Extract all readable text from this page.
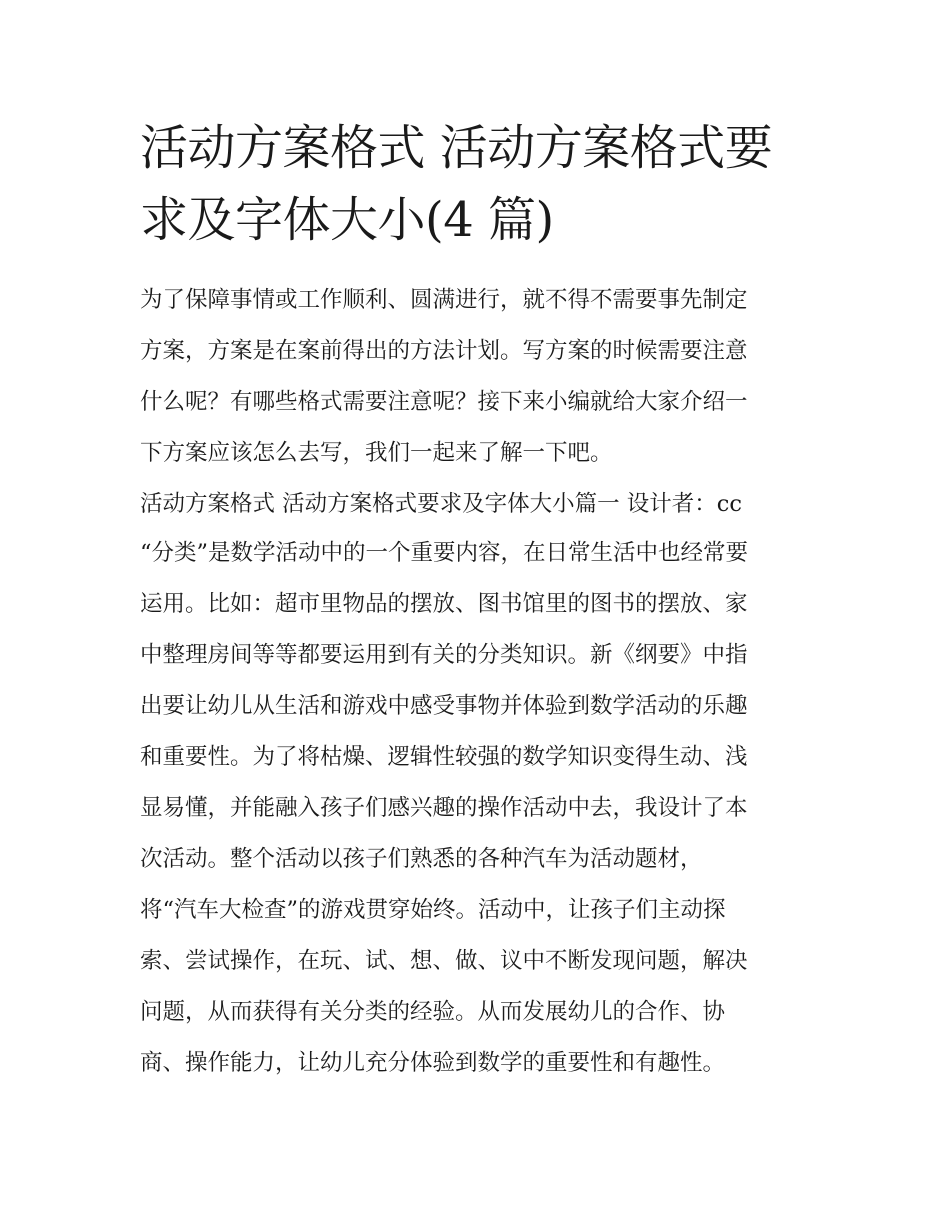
活动方案格式 活动方案格式要
求及字体大小(4 篇)

为了保障事情或工作顺利、圆满进行，就不得不需要事先制定

方案，方案是在案前得出的方法计划。写方案的时候需要注意

什么呢？有哪些格式需要注意呢？接下来小编就给大家介绍一

下方案应该怎么去写，我们一起来了解一下吧。

活动方案格式 活动方案格式要求及字体大小篇一 设计者：cc

“分类”是数学活动中的一个重要内容，在日常生活中也经常要

运用。比如：超市里物品的摆放、图书馆里的图书的摆放、家

中整理房间等等都要运用到有关的分类知识。新《纲要》中指

出要让幼儿从生活和游戏中感受事物并体验到数学活动的乐趣

和重要性。为了将枯燥、逻辑性较强的数学知识变得生动、浅

显易懂，并能融入孩子们感兴趣的操作活动中去，我设计了本

次活动。整个活动以孩子们熟悉的各种汽车为活动题材，

将“汽车大检查”的游戏贯穿始终。活动中，让孩子们主动探

索、尝试操作，在玩、试、想、做、议中不断发现问题，解决

问题，从而获得有关分类的经验。从而发展幼儿的合作、协

商、操作能力，让幼儿充分体验到数学的重要性和有趣性。
